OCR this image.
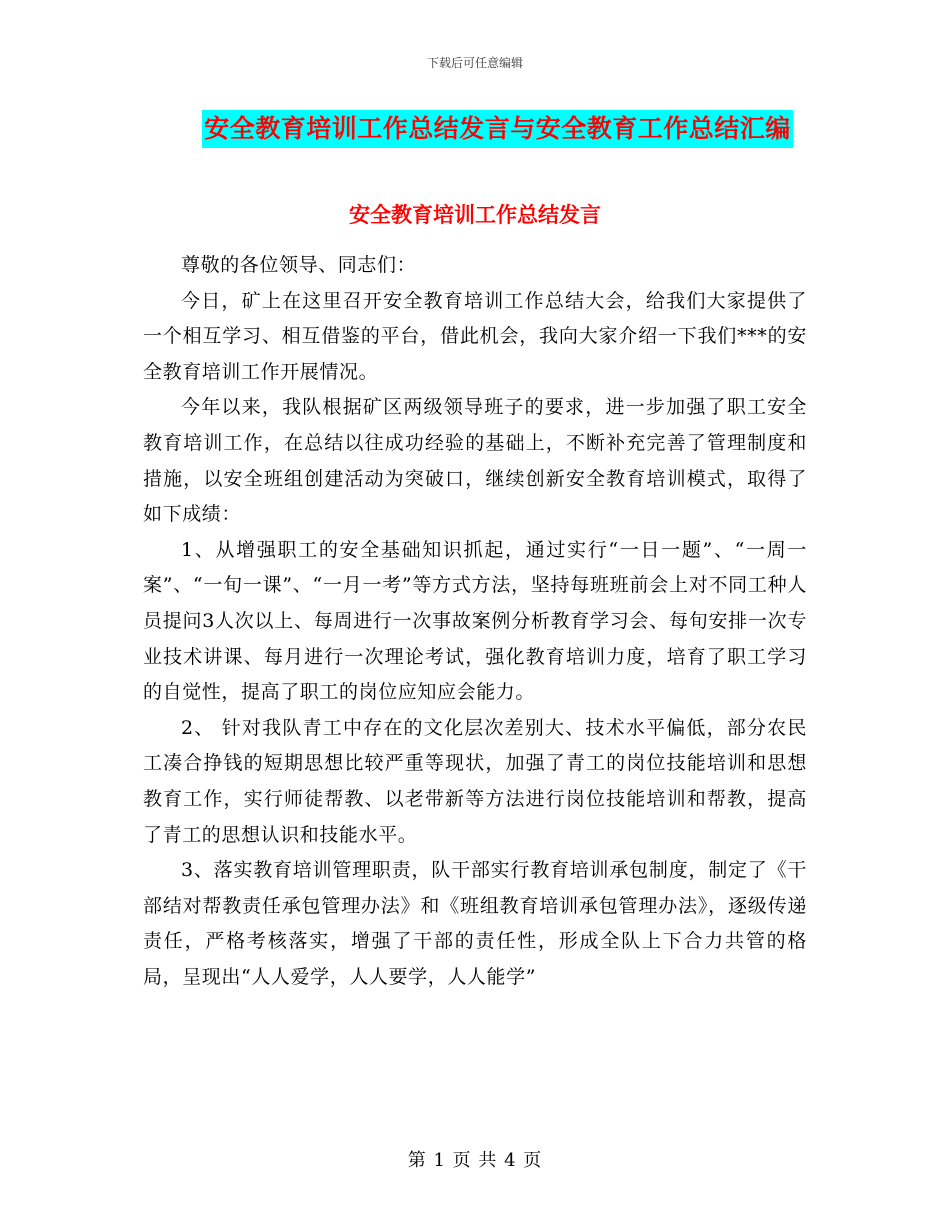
下载后可任意编辑
安全教育培训工作总结发言与安全教育工作总结汇编
安全教育培训工作总结发言

尊敬的各位领导、同志们：

今日，矿上在这里召开安全教育培训工作总结大会，给我们大家提供了一个相互学习、相互借鉴的平台，借此机会，我向大家介绍一下我们***的安全教育培训工作开展情况。

今年以来，我队根据矿区两级领导班子的要求，进一步加强了职工安全教育培训工作，在总结以往成功经验的基础上，不断补充完善了管理制度和措施，以安全班组创建活动为突破口，继续创新安全教育培训模式，取得了如下成绩：

1、从增强职工的安全基础知识抓起，通过实行“一日一题”、“一周一案”、“一旬一课”、“一月一考”等方式方法，坚持每班班前会上对不同工种人员提问3人次以上、每周进行一次事故案例分析教育学习会、每旬安排一次专业技术讲课、每月进行一次理论考试，强化教育培训力度，培育了职工学习的自觉性，提高了职工的岗位应知应会能力。

2、 针对我队青工中存在的文化层次差别大、技术水平偏低，部分农民工凑合挣钱的短期思想比较严重等现状，加强了青工的岗位技能培训和思想教育工作，实行师徒帮教、以老带新等方法进行岗位技能培训和帮教，提高了青工的思想认识和技能水平。

3、落实教育培训管理职责，队干部实行教育培训承包制度，制定了《干部结对帮教责任承包管理办法》和《班组教育培训承包管理办法》，逐级传递责任，严格考核落实，增强了干部的责任性，形成全队上下合力共管的格局，呈现出“人人爱学，人人要学，人人能学”

第 1 页 共 4 页
